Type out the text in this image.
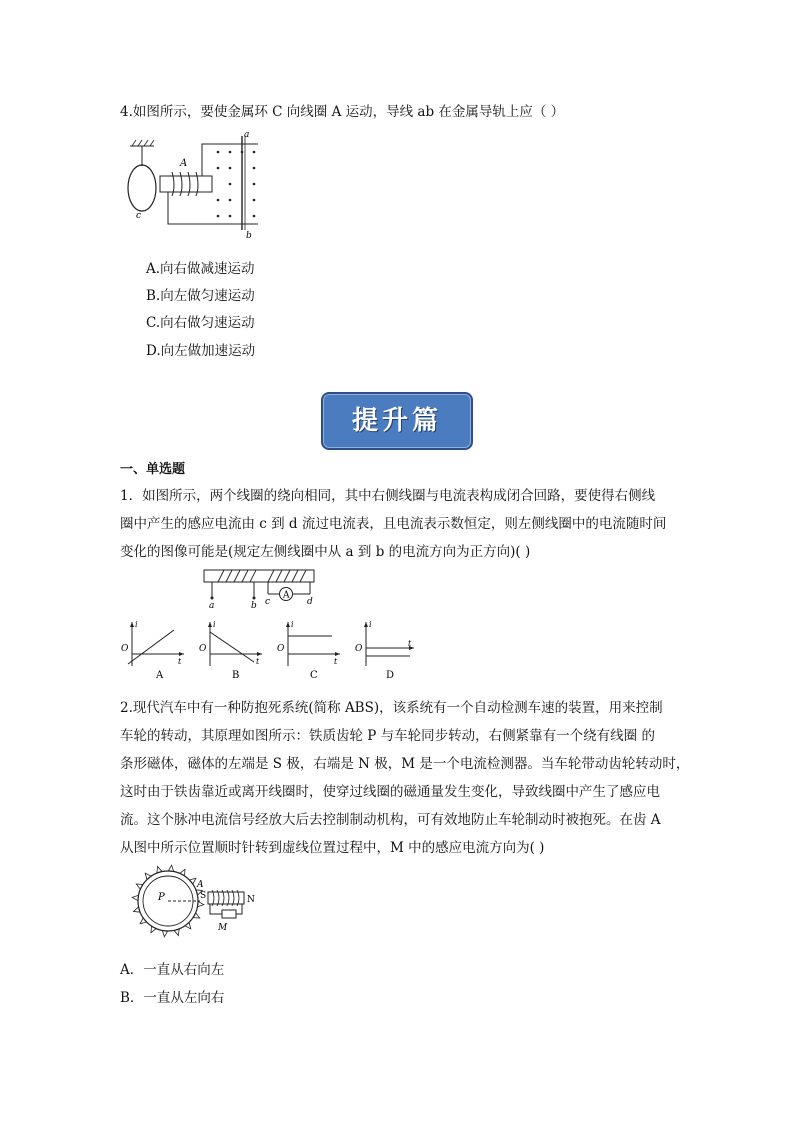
4.如图所示，要使金属环 C 向线圈 A 运动，导线 ab 在金属导轨上应（ ）
a
b
A
c
A.向右做减速运动
B.向左做匀速运动
C.向右做匀速运动
D.向左做加速运动
提升篇
一、单选题
1．如图所示，两个线圈的绕向相同，其中右侧线圈与电流表构成闭合回路，要使得右侧线
圈中产生的感应电流由 c 到 d 流过电流表，且电流表示数恒定，则左侧线圈中的电流随时间
变化的图像可能是(规定左侧线圈中从 a 到 b 的电流方向为正方向)( )
A
a	b c	d
i
t
O
A
i
t
O
B
i
t
O
C
i
t
O
D
2.现代汽车中有一种防抱死系统(简称 ABS)，该系统有一个自动检测车速的装置，用来控制
车轮的转动，其原理如图所示：铁质齿轮 P 与车轮同步转动，右侧紧靠有一个绕有线圈 的
条形磁体，磁体的左端是 S 极，右端是 N 极，M 是一个电流检测器。当车轮带动齿轮转动时，
这时由于铁齿靠近或离开线圈时，使穿过线圈的磁通量发生变化，导致线圈中产生了感应电
流。这个脉冲电流信号经放大后去控制制动机构，可有效地防止车轮制动时被抱死。在齿 A
从图中所示位置顺时针转到虚线位置过程中，M 中的感应电流方向为( )
P
A
S	N
M
A．一直从右向左
B．一直从左向右
